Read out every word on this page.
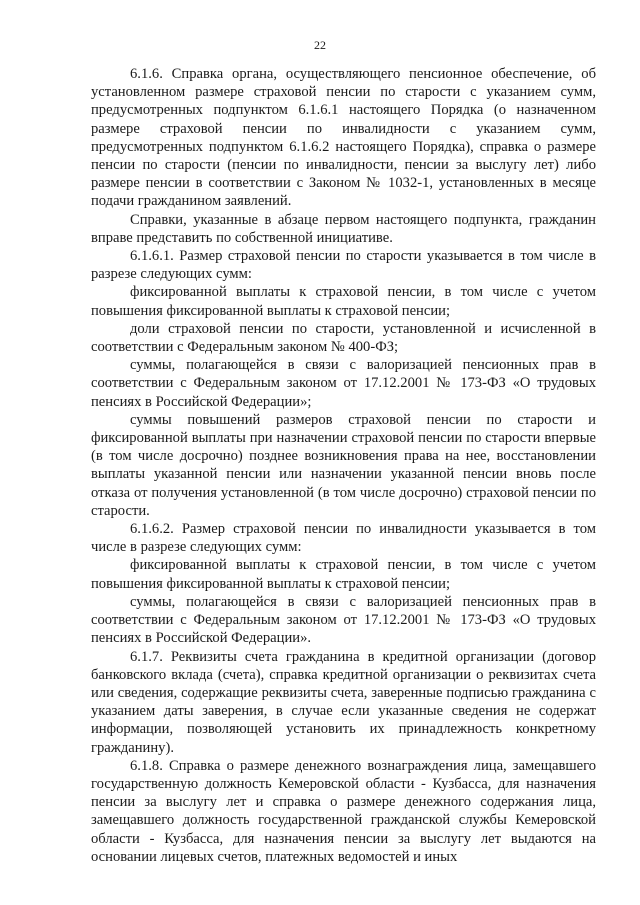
22

6.1.6. Справка органа, осуществляющего пенсионное обеспечение, об установленном размере страховой пенсии по старости с указанием сумм, предусмотренных подпунктом 6.1.6.1 настоящего Порядка (о назначенном размере страховой пенсии по инвалидности с указанием сумм, предусмотренных подпунктом 6.1.6.2 настоящего Порядка), справка о размере пенсии по старости (пенсии по инвалидности, пенсии за выслугу лет) либо размере пенсии в соответствии с Законом № 1032-1, установленных в месяце подачи гражданином заявлений.

Справки, указанные в абзаце первом настоящего подпункта, гражданин вправе представить по собственной инициативе.

6.1.6.1. Размер страховой пенсии по старости указывается в том числе в разрезе следующих сумм:

фиксированной выплаты к страховой пенсии, в том числе с учетом повышения фиксированной выплаты к страховой пенсии;

доли страховой пенсии по старости, установленной и исчисленной в соответствии с Федеральным законом № 400-ФЗ;

суммы, полагающейся в связи с валоризацией пенсионных прав в соответствии с Федеральным законом от 17.12.2001 № 173-ФЗ «О трудовых пенсиях в Российской Федерации»;

суммы повышений размеров страховой пенсии по старости и фиксированной выплаты при назначении страховой пенсии по старости впервые (в том числе досрочно) позднее возникновения права на нее, восстановлении выплаты указанной пенсии или назначении указанной пенсии вновь после отказа от получения установленной (в том числе досрочно) страховой пенсии по старости.

6.1.6.2. Размер страховой пенсии по инвалидности указывается в том числе в разрезе следующих сумм:

фиксированной выплаты к страховой пенсии, в том числе с учетом повышения фиксированной выплаты к страховой пенсии;

суммы, полагающейся в связи с валоризацией пенсионных прав в соответствии с Федеральным законом от 17.12.2001 № 173-ФЗ «О трудовых пенсиях в Российской Федерации».

6.1.7. Реквизиты счета гражданина в кредитной организации (договор банковского вклада (счета), справка кредитной организации о реквизитах счета или сведения, содержащие реквизиты счета, заверенные подписью гражданина с указанием даты заверения, в случае если указанные сведения не содержат информации, позволяющей установить их принадлежность конкретному гражданину).

6.1.8. Справка о размере денежного вознаграждения лица, замещавшего государственную должность Кемеровской области - Кузбасса, для назначения пенсии за выслугу лет и справка о размере денежного содержания лица, замещавшего должность государственной гражданской службы Кемеровской области - Кузбасса, для назначения пенсии за выслугу лет выдаются на основании лицевых счетов, платежных ведомостей и иных
